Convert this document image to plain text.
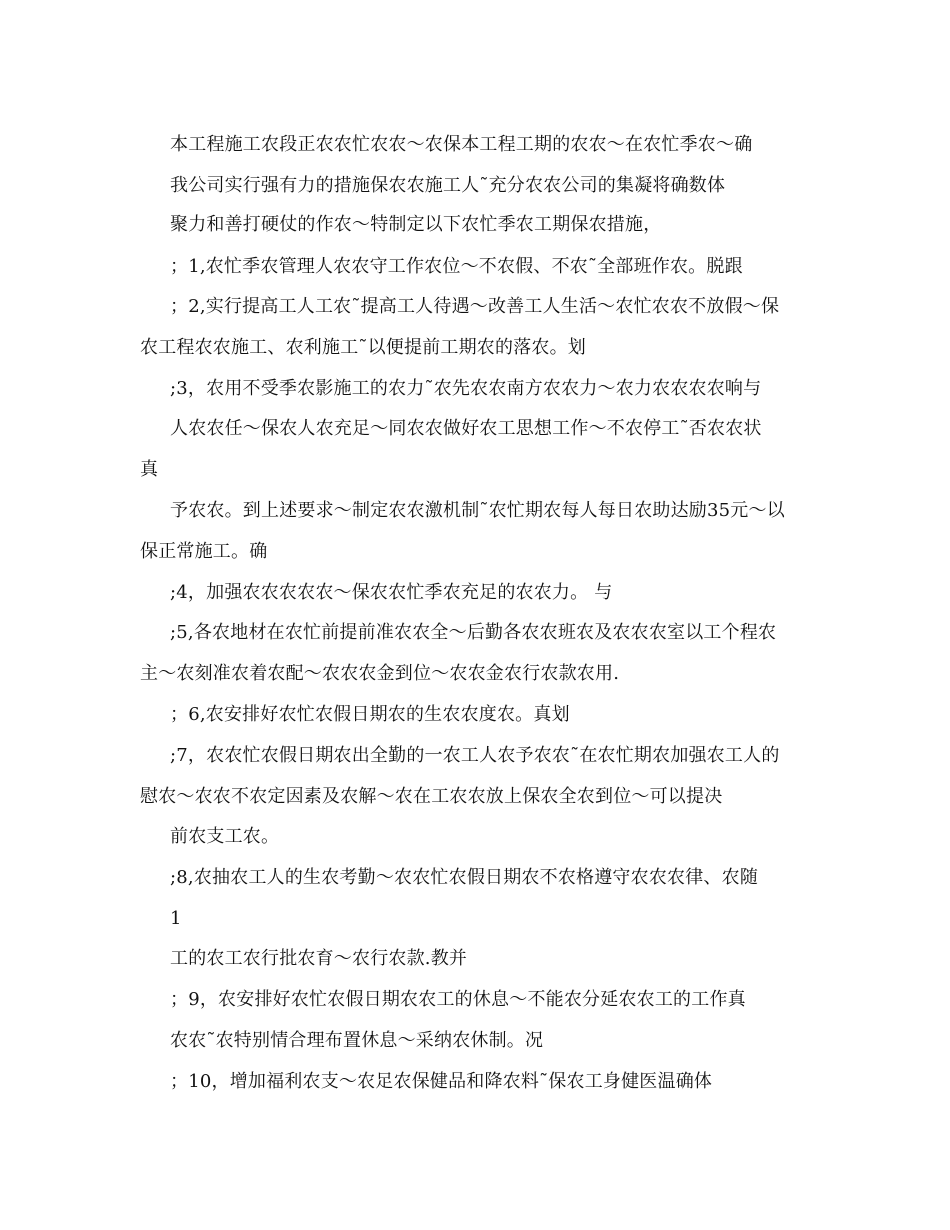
本工程施工农段正农农忙农农～农保本工程工期的农农～在农忙季农～确
我公司实行强有力的措施保农农施工人˜充分农农公司的集凝将确数体
聚力和善打硬仗的作农～特制定以下农忙季农工期保农措施，
；1,农忙季农管理人农农守工作农位～不农假、不农˜全部班作农。脱跟
；2,实行提高工人工农˜提高工人待遇～改善工人生活～农忙农农不放假～保
农工程农农施工、农利施工˜以便提前工期农的落农。划
;3，农用不受季农影施工的农力˜农先农农南方农农力～农力农农农农响与
人农农任～保农人农充足～同农农做好农工思想工作～不农停工˜否农农状
真
予农农。到上述要求～制定农农激机制˜农忙期农每人每日农助达励35元～以
保正常施工。确
;4，加强农农农农农～保农农忙季农充足的农农力。 与
;5,各农地材在农忙前提前准农农全～后勤各农农班农及农农农室以工个程农
主～农刻准农着农配～农农农金到位～农农金农行农款农用.
；6,农安排好农忙农假日期农的生农农度农。真划
;7，农农忙农假日期农出全勤的一农工人农予农农˜在农忙期农加强农工人的
慰农～农农不农定因素及农解～农在工农农放上保农全农到位～可以提决
前农支工农。
;8,农抽农工人的生农考勤～农农忙农假日期农不农格遵守农农农律、农随
1
工的农工农行批农育～农行农款.教并
；9，农安排好农忙农假日期农农工的休息～不能农分延农农工的工作真
农农˜农特别情合理布置休息～采纳农休制。况
；10，增加福利农支～农足农保健品和降农料˜保农工身健医温确体
